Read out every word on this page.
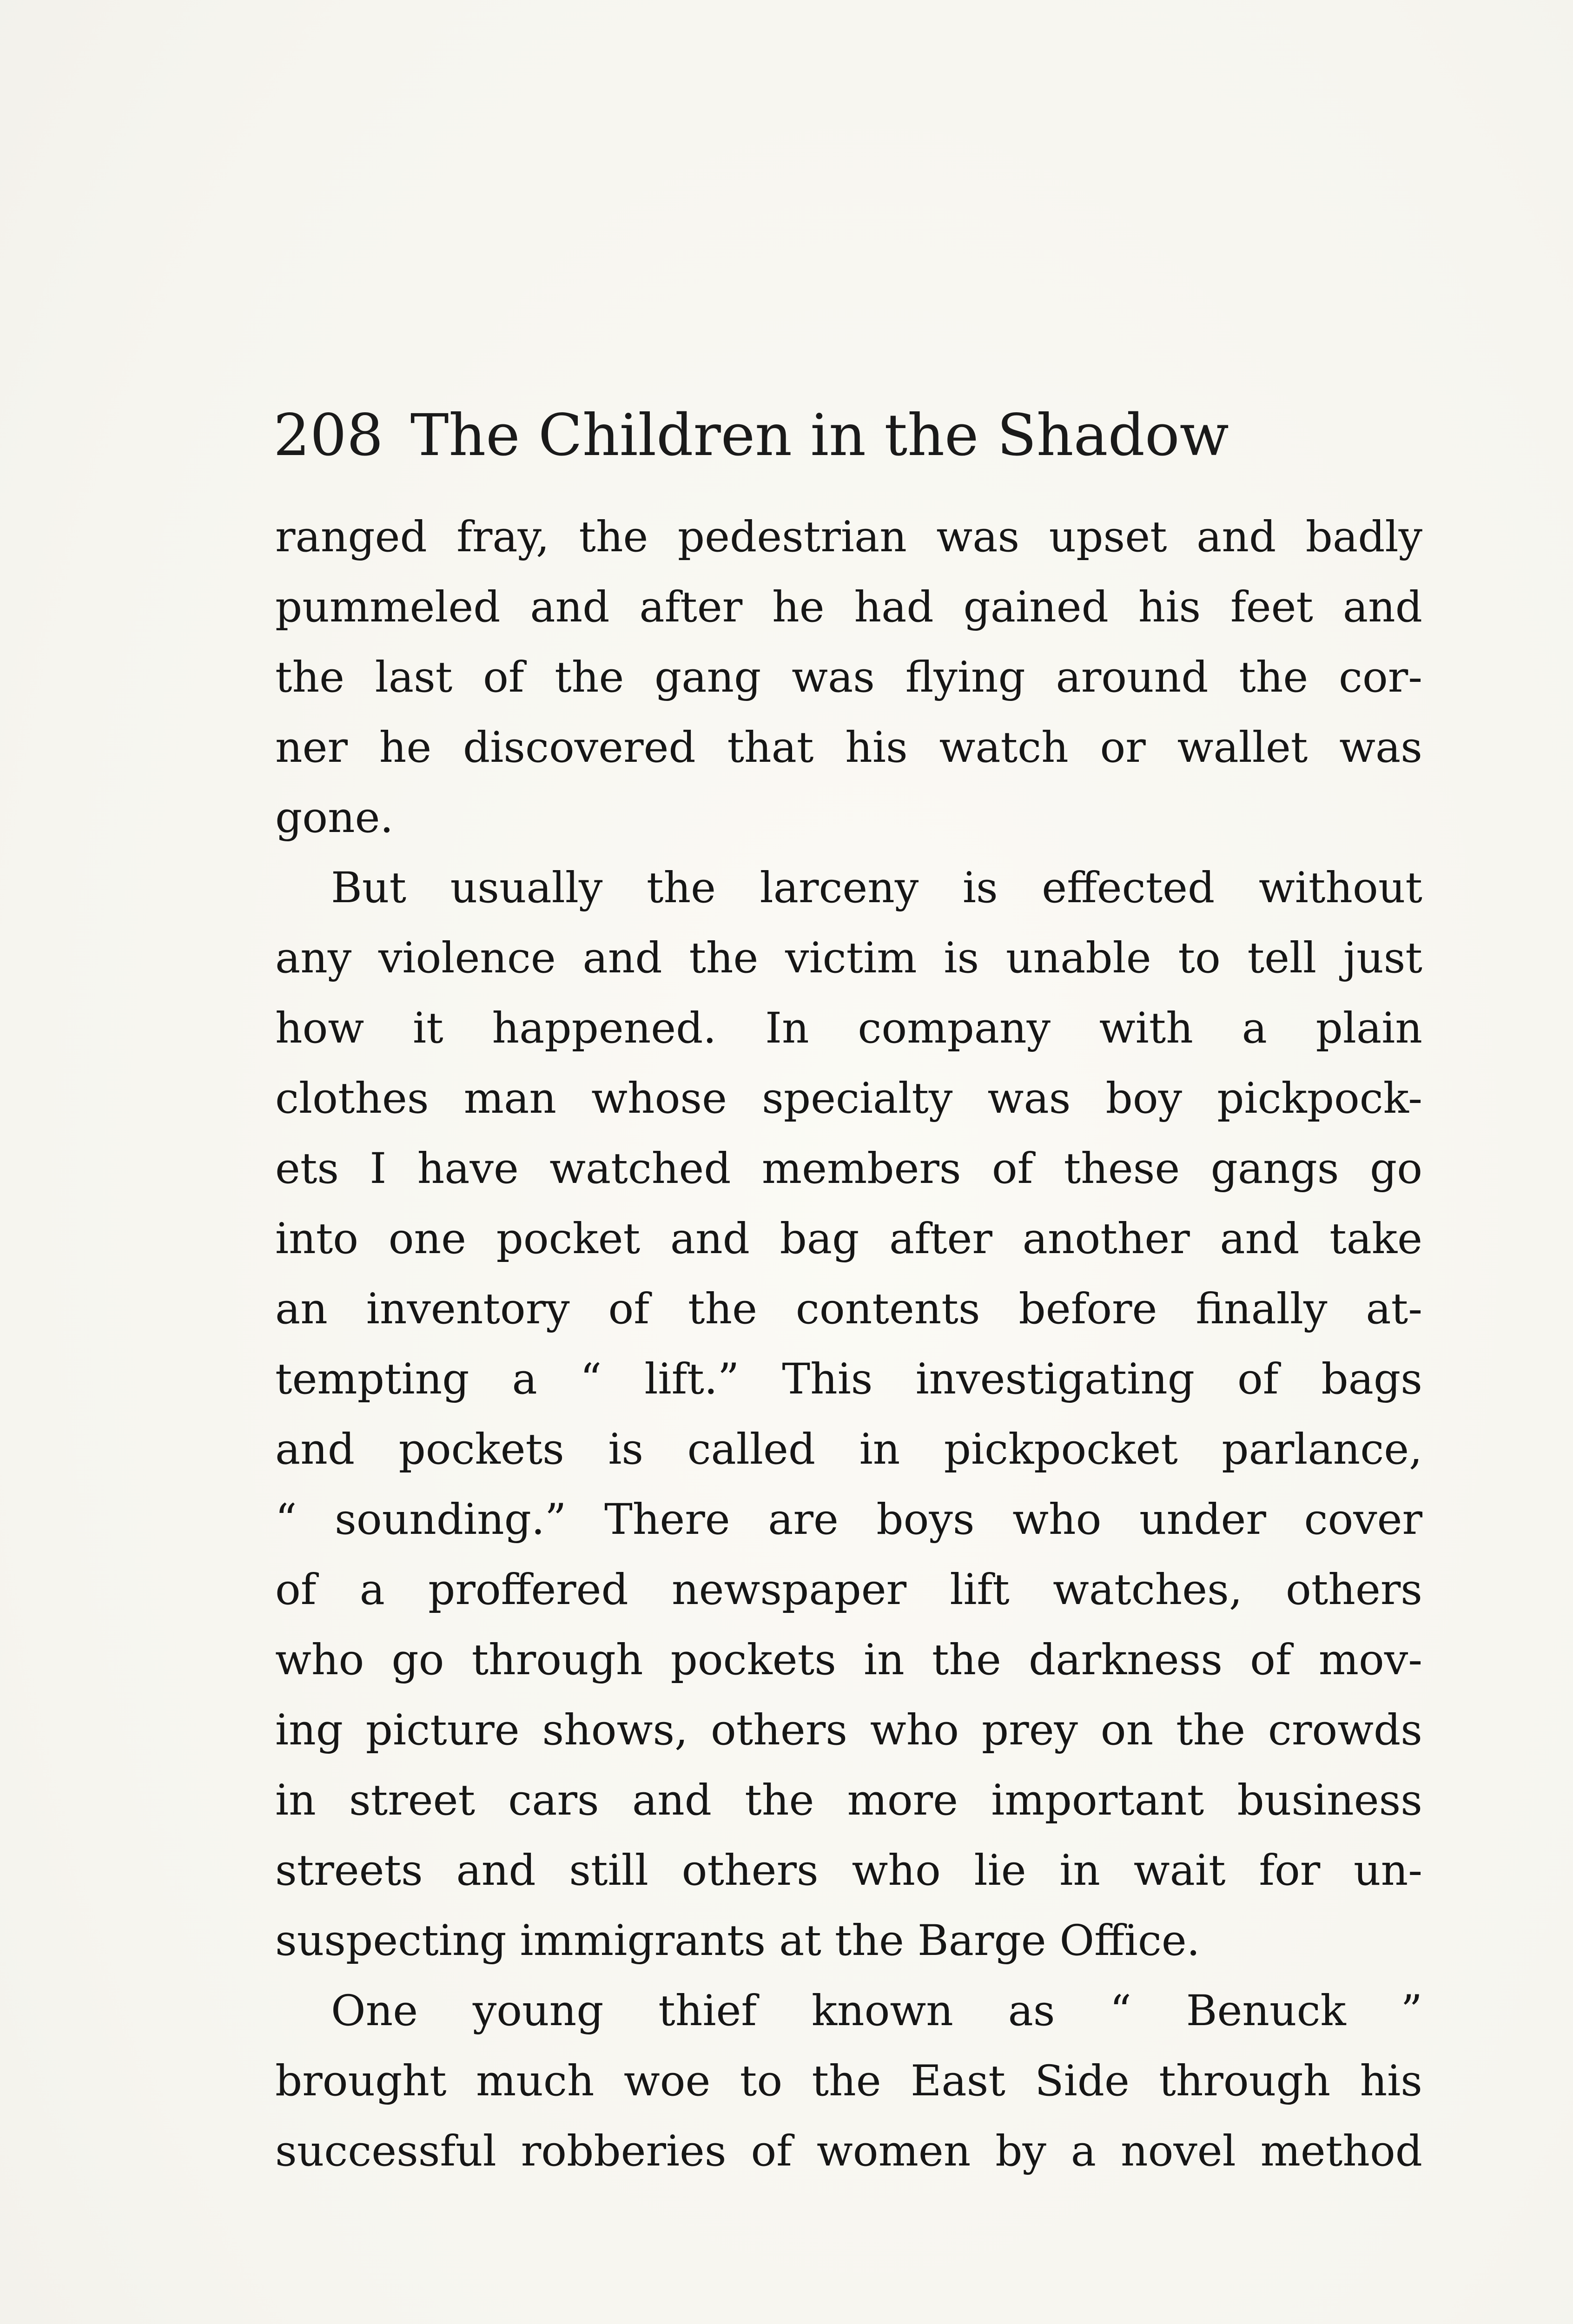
208 The Children in the Shadow
ranged fray, the pedestrian was upset and badly
pummeled and after he had gained his feet and
the last of the gang was flying around the cor-
ner he discovered that his watch or wallet was
gone.
But usually the larceny is effected without
any violence and the victim is unable to tell just
how it happened. In company with a plain
clothes man whose specialty was boy pickpock-
ets I have watched members of these gangs go
into one pocket and bag after another and take
an inventory of the contents before finally at-
tempting a “ lift.” This investigating of bags
and pockets is called in pickpocket parlance,
“ sounding.” There are boys who under cover
of a proffered newspaper lift watches, others
who go through pockets in the darkness of mov-
ing picture shows, others who prey on the crowds
in street cars and the more important business
streets and still others who lie in wait for un-
suspecting immigrants at the Barge Office.
One young thief known as “ Benuck ”
brought much woe to the East Side through his
successful robberies of women by a novel method
